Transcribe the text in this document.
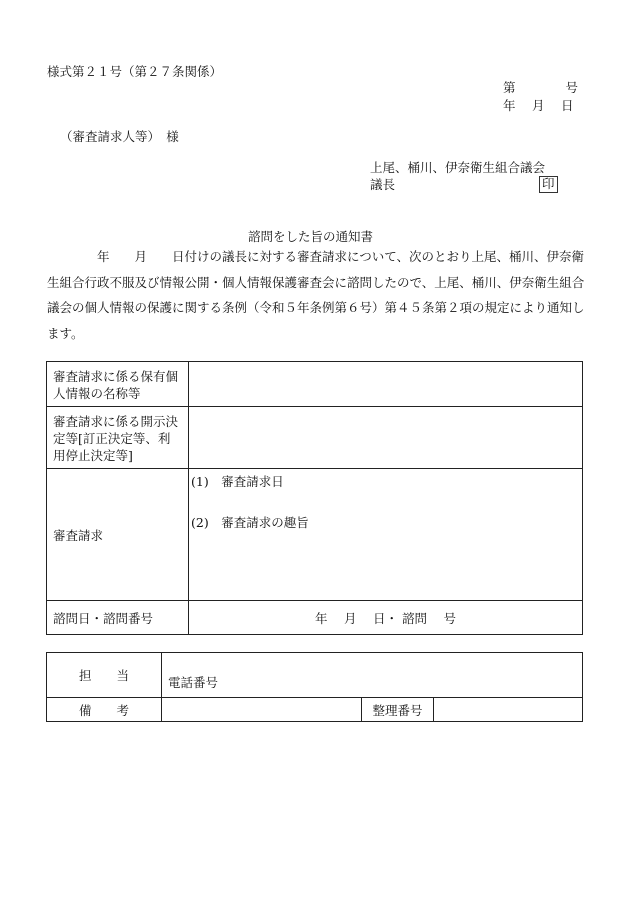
様式第２１号（第２７条関係）
第　　　　号
年　 月　 日
（審査請求人等）　様
上尾、桶川、伊奈衛生組合議会
議長	印
諮問をした旨の通知書
　　　　年　　月　　日付けの議長に対する審査請求について、次のとおり上尾、桶川、伊奈衛生組合行政不服及び情報公開・個人情報保護審査会に諮問したので、上尾、桶川、伊奈衛生組合議会の個人情報の保護に関する条例（令和５年条例第６号）第４５条第２項の規定により通知します。
審査請求に係る保有個人情報の名称等	

審査請求に係る開示決定等[訂正決定等、利用停止決定等]	

審査請求	(1)　審査請求日
(2)　審査請求の趣旨

諮問日・諮問番号	年　 月　 日・ 諮問　 号
担　　当	電話番号		

備　　考		整理番号	
